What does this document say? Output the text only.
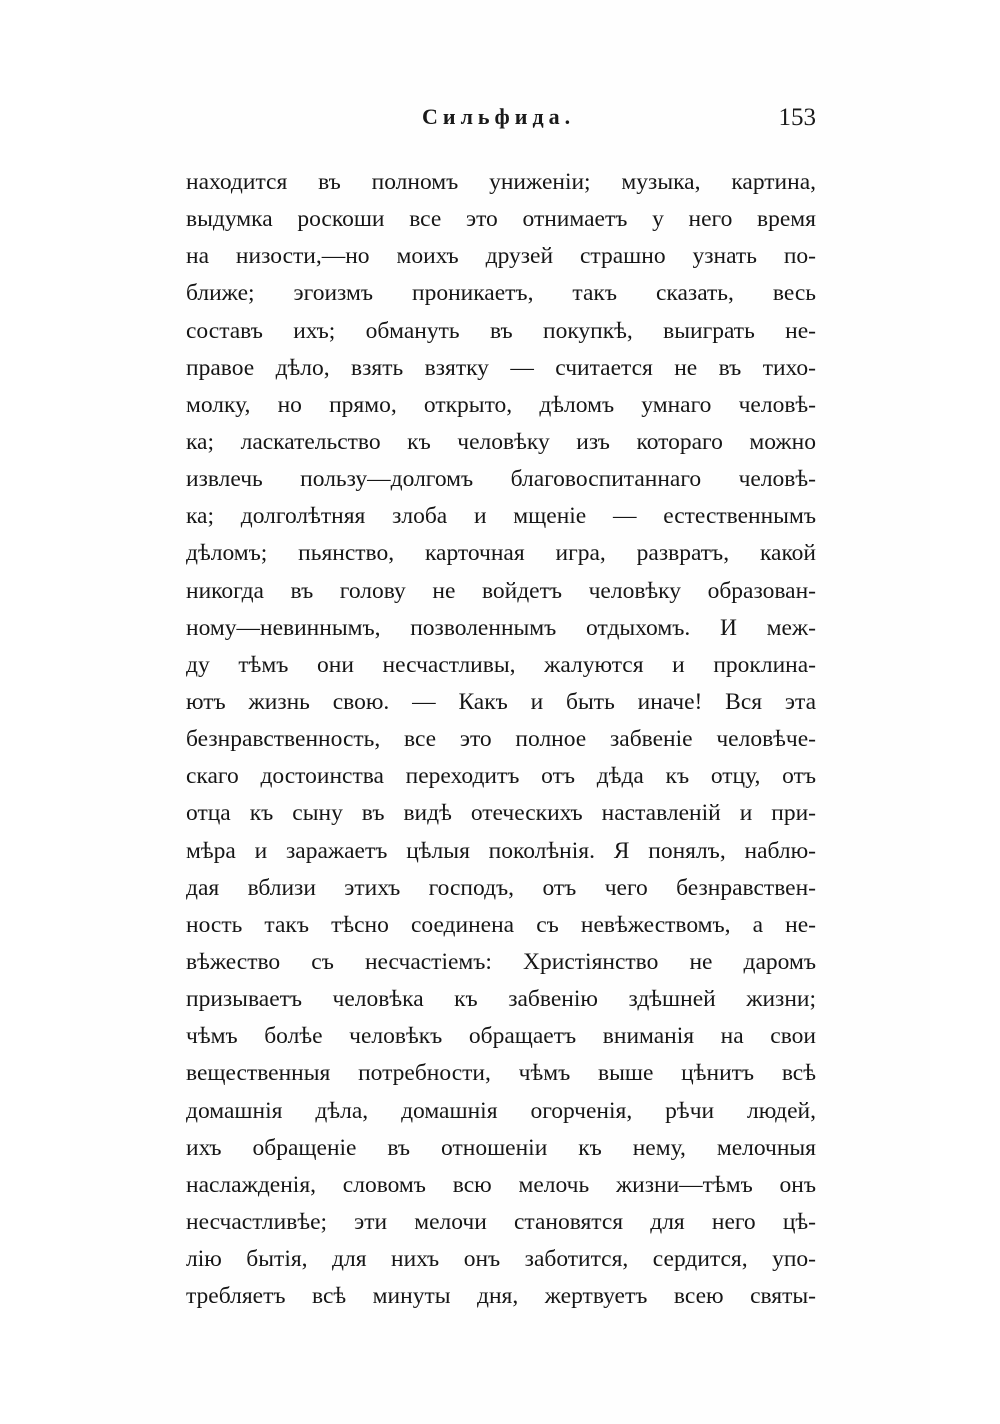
Сильфида.	153
находится въ полномъ униженіи; музыка, картина,
выдумка роскоши все это отнимаетъ у него время
на низости,—но моихъ друзей страшно узнать по-
ближе; эгоизмъ проникаетъ, такъ сказать, весь
составъ ихъ; обмануть въ покупкѣ, выиграть не-
правое дѣло, взять взятку — считается не въ тихо-
молку, но прямо, открыто, дѣломъ умнаго человѣ-
ка; ласкательство къ человѣку изъ котораго можно
извлечь пользу—долгомъ благовоспитаннаго человѣ-
ка; долголѣтняя злоба и мщеніе — естественнымъ
дѣломъ; пьянство, карточная игра, развратъ, какой
никогда въ голову не войдетъ человѣку образован-
ному—невиннымъ, позволеннымъ отдыхомъ. И меж-
ду тѣмъ они несчастливы, жалуются и проклина-
ютъ жизнь свою. — Какъ и быть иначе! Вся эта
безнравственность, все это полное забвеніе человѣче-
скаго достоинства переходитъ отъ дѣда къ отцу, отъ
отца къ сыну въ видѣ отеческихъ наставленій и при-
мѣра и заражаетъ цѣлыя поколѣнія. Я понялъ, наблю-
дая вблизи этихъ господъ, отъ чего безнравствен-
ность такъ тѣсно соединена съ невѣжествомъ, а не-
вѣжество съ несчастіемъ: Христіянство не даромъ
призываетъ человѣка къ забвенію здѣшней жизни;
чѣмъ болѣе человѣкъ обращаетъ вниманія на свои
вещественныя потребности, чѣмъ выше цѣнитъ всѣ
домашнія дѣла, домашнія огорченія, рѣчи людей,
ихъ обращеніе въ отношеніи къ нему, мелочныя
наслажденія, словомъ всю мелочь жизни—тѣмъ онъ
несчастливѣе; эти мелочи становятся для него цѣ-
лію бытія, для нихъ онъ заботится, сердится, упо-
требляетъ всѣ минуты дня, жертвуетъ всею святы-
